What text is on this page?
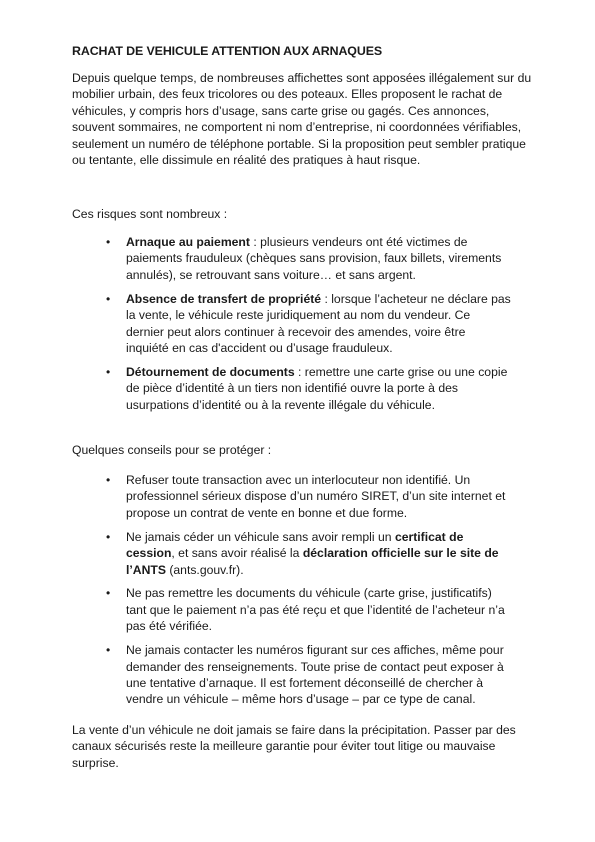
RACHAT DE VEHICULE ATTENTION AUX ARNAQUES
Depuis quelque temps, de nombreuses affichettes sont apposées illégalement sur du mobilier urbain, des feux tricolores ou des poteaux. Elles proposent le rachat de véhicules, y compris hors d’usage, sans carte grise ou gagés. Ces annonces, souvent sommaires, ne comportent ni nom d’entreprise, ni coordonnées vérifiables, seulement un numéro de téléphone portable. Si la proposition peut sembler pratique ou tentante, elle dissimule en réalité des pratiques à haut risque.
Ces risques sont nombreux :
• Arnaque au paiement : plusieurs vendeurs ont été victimes de paiements frauduleux (chèques sans provision, faux billets, virements annulés), se retrouvant sans voiture… et sans argent.
• Absence de transfert de propriété : lorsque l’acheteur ne déclare pas la vente, le véhicule reste juridiquement au nom du vendeur. Ce dernier peut alors continuer à recevoir des amendes, voire être inquiété en cas d'accident ou d’usage frauduleux.
• Détournement de documents : remettre une carte grise ou une copie de pièce d’identité à un tiers non identifié ouvre la porte à des usurpations d’identité ou à la revente illégale du véhicule.
Quelques conseils pour se protéger :
• Refuser toute transaction avec un interlocuteur non identifié. Un professionnel sérieux dispose d’un numéro SIRET, d’un site internet et propose un contrat de vente en bonne et due forme.
• Ne jamais céder un véhicule sans avoir rempli un certificat de cession, et sans avoir réalisé la déclaration officielle sur le site de l’ANTS (ants.gouv.fr).
• Ne pas remettre les documents du véhicule (carte grise, justificatifs) tant que le paiement n’a pas été reçu et que l’identité de l’acheteur n’a pas été vérifiée.
• Ne jamais contacter les numéros figurant sur ces affiches, même pour demander des renseignements. Toute prise de contact peut exposer à une tentative d’arnaque. Il est fortement déconseillé de chercher à vendre un véhicule – même hors d’usage – par ce type de canal.
La vente d’un véhicule ne doit jamais se faire dans la précipitation. Passer par des canaux sécurisés reste la meilleure garantie pour éviter tout litige ou mauvaise surprise.
